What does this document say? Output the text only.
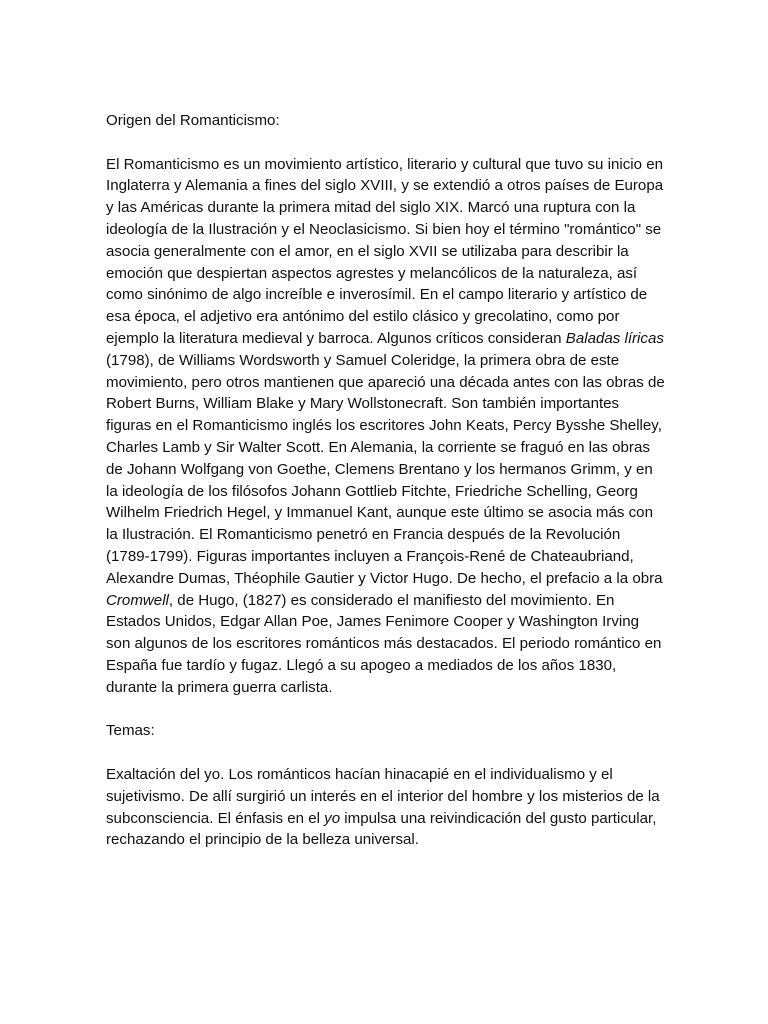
Origen del Romanticismo:

El Romanticismo es un movimiento artístico, literario y cultural que tuvo su inicio en Inglaterra y Alemania a fines del siglo XVIII, y se extendió a otros países de Europa y las Américas durante la primera mitad del siglo XIX. Marcó una ruptura con la ideología de la Ilustración y el Neoclasicismo. Si bien hoy el término "romántico" se asocia generalmente con el amor, en el siglo XVII se utilizaba para describir la emoción que despiertan aspectos agrestes y melancólicos de la naturaleza, así como sinónimo de algo increíble e inverosímil. En el campo literario y artístico de esa época, el adjetivo era antónimo del estilo clásico y grecolatino, como por ejemplo la literatura medieval y barroca. Algunos críticos consideran Baladas líricas (1798), de Williams Wordsworth y Samuel Coleridge, la primera obra de este movimiento, pero otros mantienen que apareció una década antes con las obras de Robert Burns, William Blake y Mary Wollstonecraft. Son también importantes figuras en el Romanticismo inglés los escritores John Keats, Percy Bysshe Shelley, Charles Lamb y Sir Walter Scott. En Alemania, la corriente se fraguó en las obras de Johann Wolfgang von Goethe, Clemens Brentano y los hermanos Grimm, y en la ideología de los filósofos Johann Gottlieb Fitchte, Friedriche Schelling, Georg Wilhelm Friedrich Hegel, y Immanuel Kant, aunque este último se asocia más con la Ilustración. El Romanticismo penetró en Francia después de la Revolución (1789-1799). Figuras importantes incluyen a François-René de Chateaubriand, Alexandre Dumas, Théophile Gautier y Victor Hugo. De hecho, el prefacio a la obra Cromwell, de Hugo, (1827) es considerado el manifiesto del movimiento. En Estados Unidos, Edgar Allan Poe, James Fenimore Cooper y Washington Irving son algunos de los escritores románticos más destacados. El periodo romántico en España fue tardío y fugaz. Llegó a su apogeo a mediados de los años 1830, durante la primera guerra carlista.

Temas:

Exaltación del yo. Los románticos hacían hinacapié en el individualismo y el sujetivismo. De allí surgirió un interés en el interior del hombre y los misterios de la subconsciencia. El énfasis en el yo impulsa una reivindicación del gusto particular, rechazando el principio de la belleza universal.
